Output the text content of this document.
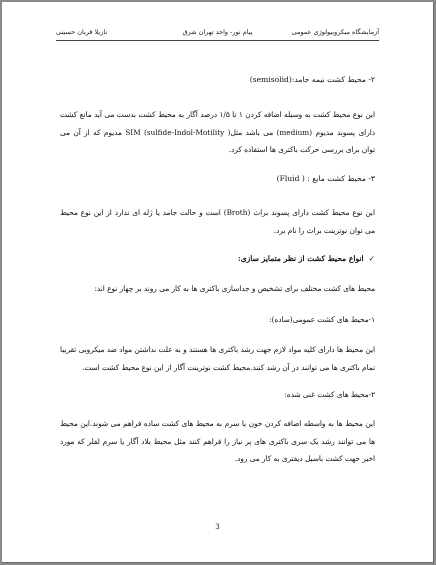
آزمایشگاه میکروبیولوژی عمومی
پیام نور- واحد تهران شرق
نازیلا قربان حسینی
۲- محیط کشت نیمه جامد:(semisolid)
این نوع محیط کشت به وسیله اضافه کردن ۱ تا ۱/۵ درصد آگار به محیط کشت بدست می آید مانع کشت دارای پسوند مدیوم (medium) می باشد مثل( SIM (sulfide-Indol-Motility مدیوم که از آن می توان برای بررسی حرکت باکتری ها استفاده کرد.
۳- محیط کشت مایع : ( Fluid)
این نوع محیط کشت دارای پسوند براث (Broth) است و حالت جامد یا ژله ای ندارد از این نوع محیط می توان نوترینت براث را نام برد.
✓انواع محیط کشت از نظر متمایز سازی:
محیط های کشت مختلف برای تشخیص و جداسازی باکتری ها به کار می روند بر چهار نوع اند:
۱-محیط های کشت عمومی(ساده):
این محیط ها دارای کلیه مواد لازم جهت رشد باکتری ها هستند و به علت نداشتن مواد ضد میکروبی تقریبا تمام باکتری ها می توانند در آن رشد کنند.محیط کشت نوترینت آگار از این نوع محیط کشت است.
۲-محیط های کشت غنی شده:
این محیط ها به واسطه اضافه کردن خون یا سرم به محیط های کشت ساده فراهم می شوند.این محیط ها می توانند رشد یک سری باکتری های پر نیاز را فراهم کنند مثل محیط بلاد آگار یا سرم لفلر که مورد اخیر جهت کشت باسیل دیفتری به کار می رود.
3
